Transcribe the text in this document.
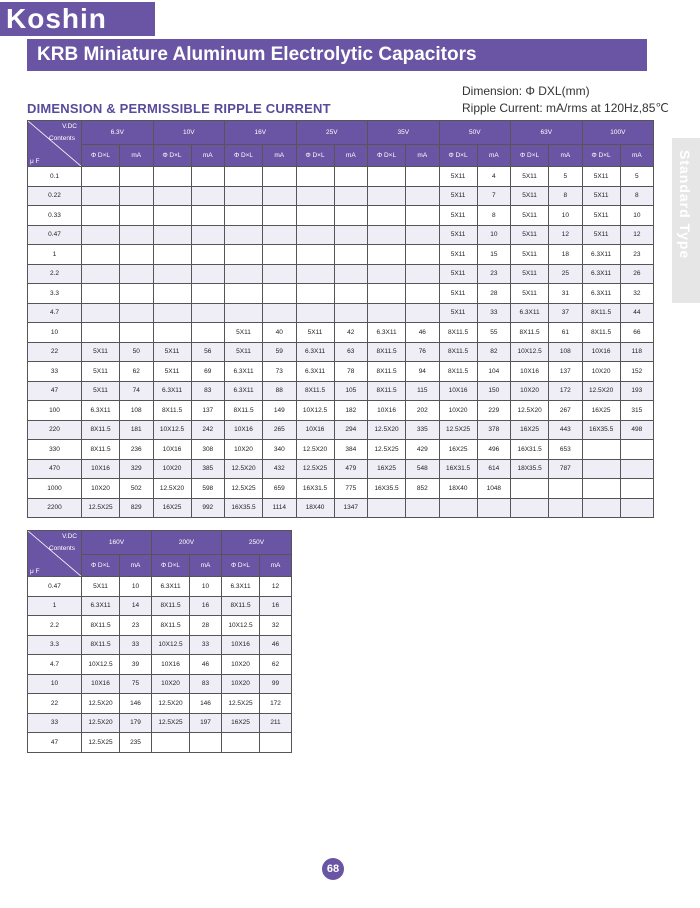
Koshin
KRB Miniature Aluminum Electrolytic Capacitors
Dimension: Φ DXL(mm)
DIMENSION & PERMISSIBLE RIPPLE CURRENT	Ripple Current: mA/rms at 120Hz,85℃
Standard Type
V.DC
Contents
μ F	6.3V		10V		16V		25V		35V		50V		63V		100V	
	Φ D×L	mA	Φ D×L	mA	Φ D×L	mA	Φ D×L	mA	Φ D×L	mA	Φ D×L	mA	Φ D×L	mA	Φ D×L	mA
0.1											5X11	4	5X11	5	5X11	5
0.22											5X11	7	5X11	8	5X11	8
0.33											5X11	8	5X11	10	5X11	10
0.47											5X11	10	5X11	12	5X11	12
1											5X11	15	5X11	18	6.3X11	23
2.2											5X11	23	5X11	25	6.3X11	26
3.3											5X11	28	5X11	31	6.3X11	32
4.7											5X11	33	6.3X11	37	8X11.5	44
10					5X11	40	5X11	42	6.3X11	46	8X11.5	55	8X11.5	61	8X11.5	66
22	5X11	50	5X11	56	5X11	59	6.3X11	63	8X11.5	76	8X11.5	82	10X12.5	108	10X16	118
33	5X11	62	5X11	69	6.3X11	73	6.3X11	78	8X11.5	94	8X11.5	104	10X16	137	10X20	152
47	5X11	74	6.3X11	83	6.3X11	88	8X11.5	105	8X11.5	115	10X16	150	10X20	172	12.5X20	193
100	6.3X11	108	8X11.5	137	8X11.5	149	10X12.5	182	10X16	202	10X20	229	12.5X20	267	16X25	315
220	8X11.5	181	10X12.5	242	10X16	265	10X16	294	12.5X20	335	12.5X25	378	16X25	443	16X35.5	498
330	8X11.5	236	10X16	308	10X20	340	12.5X20	384	12.5X25	429	16X25	496	16X31.5	653		
470	10X16	329	10X20	385	12.5X20	432	12.5X25	479	16X25	548	16X31.5	614	18X35.5	787		
1000	10X20	502	12.5X20	598	12.5X25	659	16X31.5	775	16X35.5	852	18X40	1048				
2200	12.5X25	829	16X25	992	16X35.5	1114	18X40	1347								
V.DC
Contents
μ F	160V		200V		250V	
	Φ D×L	mA	Φ D×L	mA	Φ D×L	mA
0.47	5X11	10	6.3X11	10	6.3X11	12
1	6.3X11	14	8X11.5	16	8X11.5	16
2.2	8X11.5	23	8X11.5	28	10X12.5	32
3.3	8X11.5	33	10X12.5	33	10X16	46
4.7	10X12.5	39	10X16	46	10X20	62
10	10X16	75	10X20	83	10X20	99
22	12.5X20	146	12.5X20	146	12.5X25	172
33	12.5X20	179	12.5X25	197	16X25	211
47	12.5X25	235				
68
